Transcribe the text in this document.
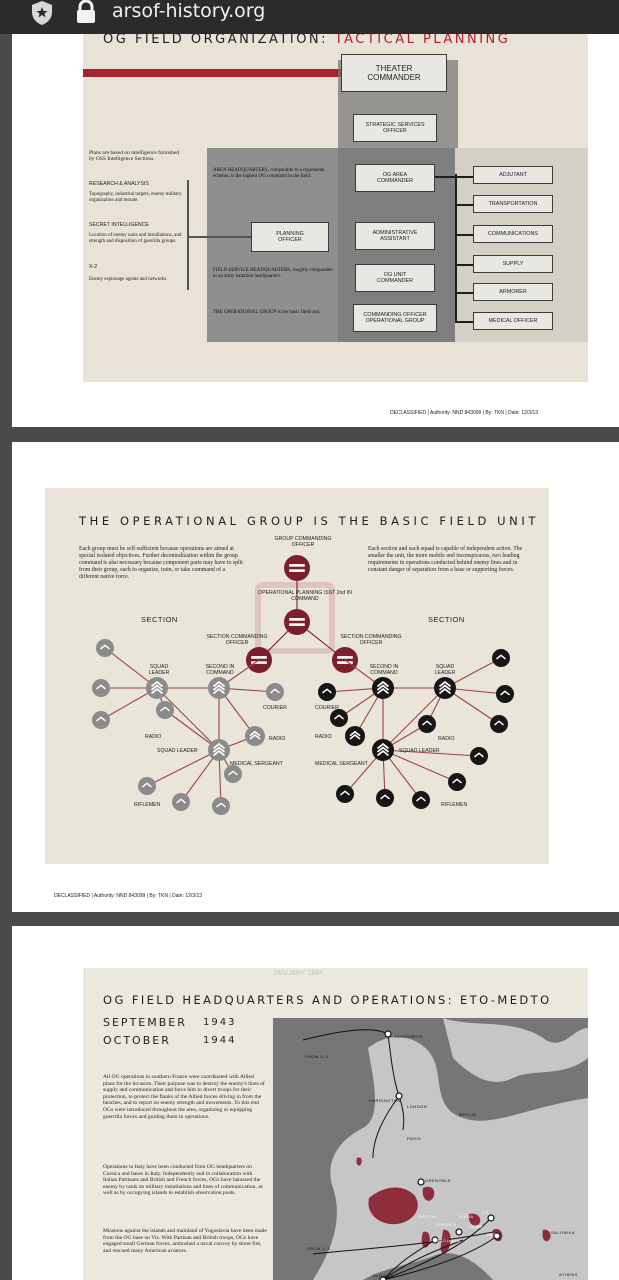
arsof-history.org
OG FIELD ORGANIZATION: TACTICAL PLANNING
THEATER COMMANDER
STRATEGIC SERVICES OFFICER
OG AREA COMMANDER
PLANNING OFFICER
ADMINISTRATIVE ASSISTANT
OG UNIT COMMANDER
COMMANDING OFFICER OPERATIONAL GROUP
ADJUTANT
TRANSPORTATION
COMMUNICATIONS
SUPPLY
ARMORER
MEDICAL OFFICER
Plans are based on intelligence furnished by OSS Intelligence Sections.
RESEARCH & ANALYSIS
Topography, industrial targets, enemy military organization and morale.
SECRET INTELLIGENCE
Location of enemy units and installations, and strength and disposition of guerrilla groups.
X-2
Enemy espionage agents and networks
AREA HEADQUARTERS, comparable to a regimental echelon, is the highest OG command in the field.
FIELD SERVICE HEADQUARTERS, roughly comparable to an army battalion headquarters.
THE OPERATIONAL GROUP is the basic field unit.
DECLASSIFIED | Authority: NND 843099 | By: TKN | Date: 12/3/13
THE OPERATIONAL GROUP IS THE BASIC FIELD UNIT
Each group must be self-sufficient because operations are aimed at special isolated objectives. Further decentralization within the group command is also necessary because component parts may have to split from their group, each to organize, train, or take command of a different native force.
Each section and each squad is capable of independent action. The smaller the unit, the more mobile and inconspicuous, two leading requirements in operations conducted behind enemy lines and in constant danger of separation from a base or supporting forces.
GROUP COMMANDING OFFICER
OPERATIONAL PLANNING \SST 2nd IN COMMAND
SECTION	SECTION
SECTION COMMANDING OFFICER
SECTION COMMANDING OFFICER
SQUAD LEADER
SECOND IN COMMAND
COURIER
RADIO	RADIO
SQUAD LEADER
MEDICAL SERGEANT
RIFLEMEN
SQUAD LEADER
SECOND IN COMMAND
COURIER
RADIO	RADIO
SQUAD LEADER
MEDICAL SERGEANT
RIFLEMEN
DECLASSIFIED | Authority: NND 843099 | By: TKN | Date: 12/3/13
JANUARY 1944
OG FIELD HEADQUARTERS AND OPERATIONS: ETO-MEDTO
SEPTEMBER 1943
OCTOBER	1944
All OG operations in southern France were coordinated with Allied plans for the invasion. Their purpose was to destroy the enemy's lines of supply and communication and force him to divert troops for their protection, to protect the flanks of the Allied forces driving in from the beaches, and to report on enemy strength and movements. To this end OGs were introduced throughout the area, organizing or equipping guerrilla forces and guiding them in operations.
Operations in Italy have been conducted from OG headquarters on Corsica and bases in Italy. Independently and in collaboration with Italian Partisans and British and French forces, OGs have harassed the enemy by raids on military installations and lines of communication, as well as by occupying islands to establish observation posts.
Missions against the islands and mainland of Yugoslavia have been made from the OG base on Vis. With Partisan and British troops, OGs have engaged small German forces, ambushed a naval convoy by shore fire, and rescued many American aviators.
INVERNESS
FROM U.S.
HARRINGTON
LONDON
BERLIN
PARIS
GRENOBLE
BASTIA
CORSICA
SIENA
ROME
VIS
BARI
SARDINIA
ALGIERS
FROM U.S.
SALONIKA
ATHENS
